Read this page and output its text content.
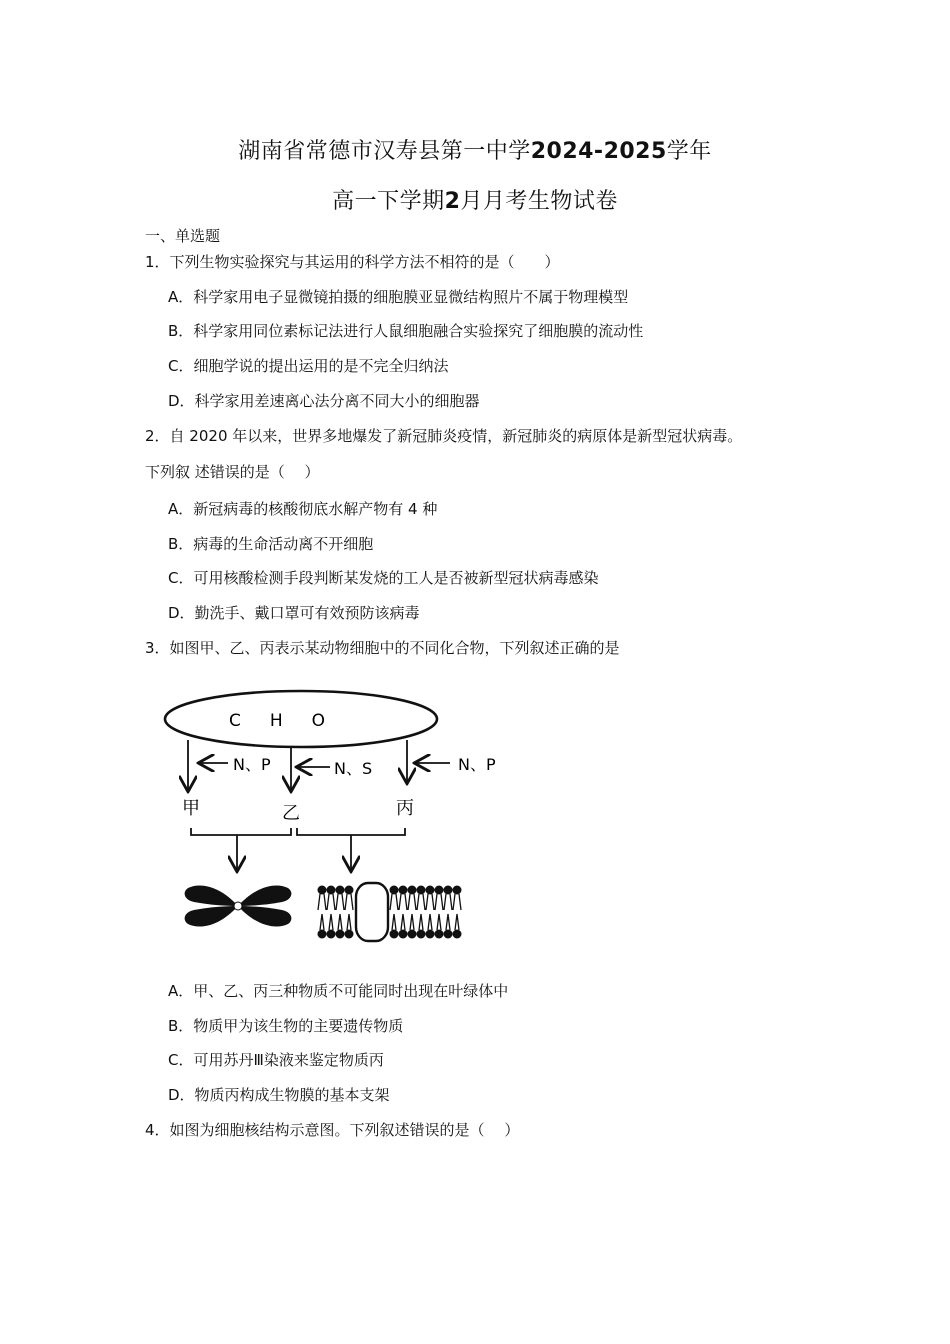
湖南省常德市汉寿县第一中学2024-2025学年
高一下学期2月月考生物试卷
一、单选题
1．下列生物实验探究与其运用的科学方法不相符的是（　　）
A．科学家用电子显微镜拍摄的细胞膜亚显微结构照片不属于物理模型
B．科学家用同位素标记法进行人鼠细胞融合实验探究了细胞膜的流动性
C．细胞学说的提出运用的是不完全归纳法
D．科学家用差速离心法分离不同大小的细胞器
2．自 2020 年以来，世界多地爆发了新冠肺炎疫情，新冠肺炎的病原体是新型冠状病毒。
下列叙 述错误的是（　 ）
A．新冠病毒的核酸彻底水解产物有 4 种
B．病毒的生命活动离不开细胞
C．可用核酸检测手段判断某发烧的工人是否被新型冠状病毒感染
D．勤洗手、戴口罩可有效预防该病毒
3．如图甲、乙、丙表示某动物细胞中的不同化合物，下列叙述正确的是
C　H　O
N、P	N、S	N、P
甲	乙	丙
A．甲、乙、丙三种物质不可能同时出现在叶绿体中
B．物质甲为该生物的主要遗传物质
C．可用苏丹Ⅲ染液来鉴定物质丙
D．物质丙构成生物膜的基本支架
4．如图为细胞核结构示意图。下列叙述错误的是（　 ）
